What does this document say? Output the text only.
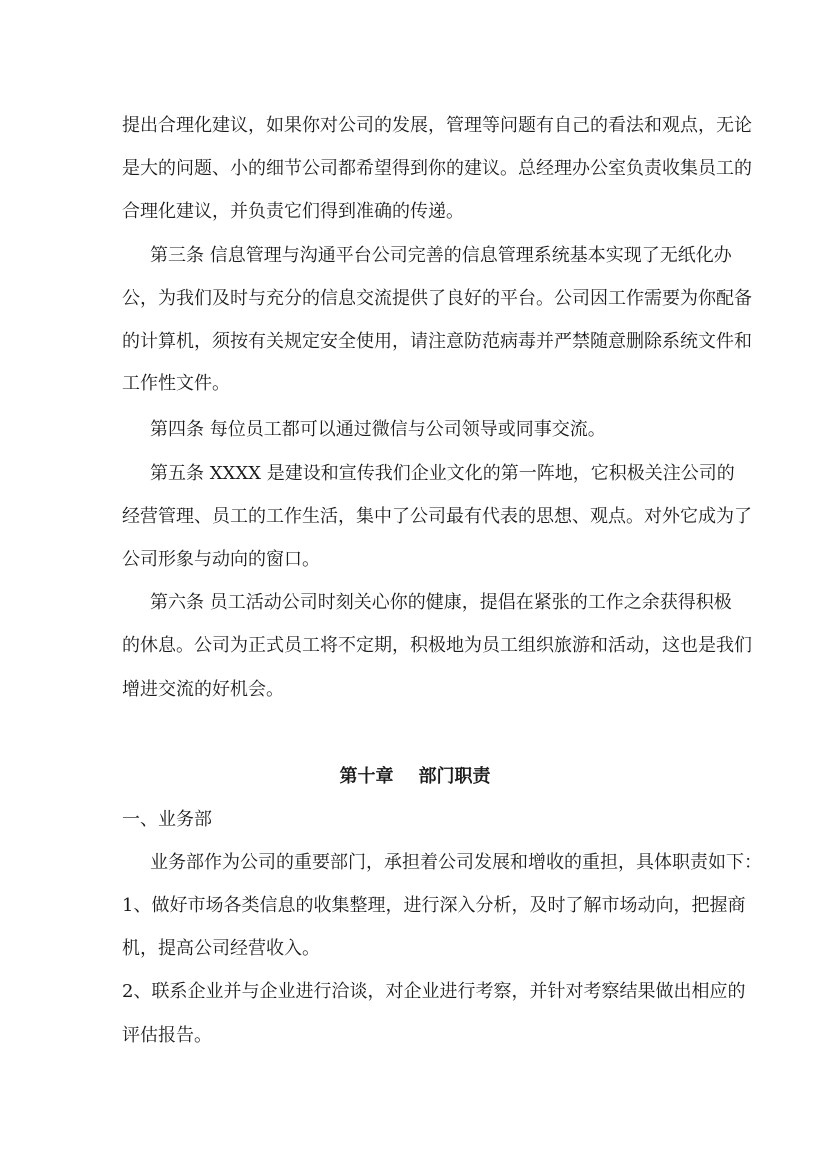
提出合理化建议，如果你对公司的发展，管理等问题有自己的看法和观点，无论
是大的问题、小的细节公司都希望得到你的建议。总经理办公室负责收集员工的
合理化建议，并负责它们得到准确的传递。
第三条 信息管理与沟通平台公司完善的信息管理系统基本实现了无纸化办
公，为我们及时与充分的信息交流提供了良好的平台。公司因工作需要为你配备
的计算机，须按有关规定安全使用，请注意防范病毒并严禁随意删除系统文件和
工作性文件。
第四条 每位员工都可以通过微信与公司领导或同事交流。
第五条 XXXX 是建设和宣传我们企业文化的第一阵地，它积极关注公司的
经营管理、员工的工作生活，集中了公司最有代表的思想、观点。对外它成为了
公司形象与动向的窗口。
第六条 员工活动公司时刻关心你的健康，提倡在紧张的工作之余获得积极
的休息。公司为正式员工将不定期，积极地为员工组织旅游和活动，这也是我们
增进交流的好机会。
第十章    部门职责
一、业务部
业务部作为公司的重要部门，承担着公司发展和增收的重担，具体职责如下：
1、做好市场各类信息的收集整理，进行深入分析，及时了解市场动向，把握商
机，提高公司经营收入。
2、联系企业并与企业进行洽谈，对企业进行考察，并针对考察结果做出相应的
评估报告。
